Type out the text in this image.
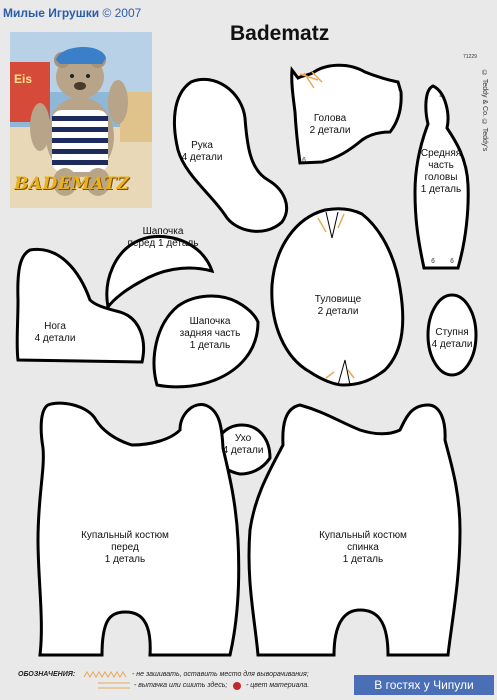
Милые Игрушки © 2007
Badematz
71229
© Teddy & Co. © Teddy's
Eis
BADEMATZ
Рука
4 детали
Голова
2 детали
а
б
Средняя
часть
головы
1 деталь
а
б	б
Шапочка
перед 1 деталь
Нога
4 детали
Туловище
2 детали
Шапочка
задняя часть
1 деталь
Ступня
4 детали
Ухо
4 детали
Купальный костюм
перед
1 деталь
Купальный костюм
спинка
1 деталь
ОБОЗНАЧЕНИЯ:	- не зашивать, оставить место для выворачивания;
- вытачка или сшить здесь;	- цвет материала.	В гостях у Чипули
